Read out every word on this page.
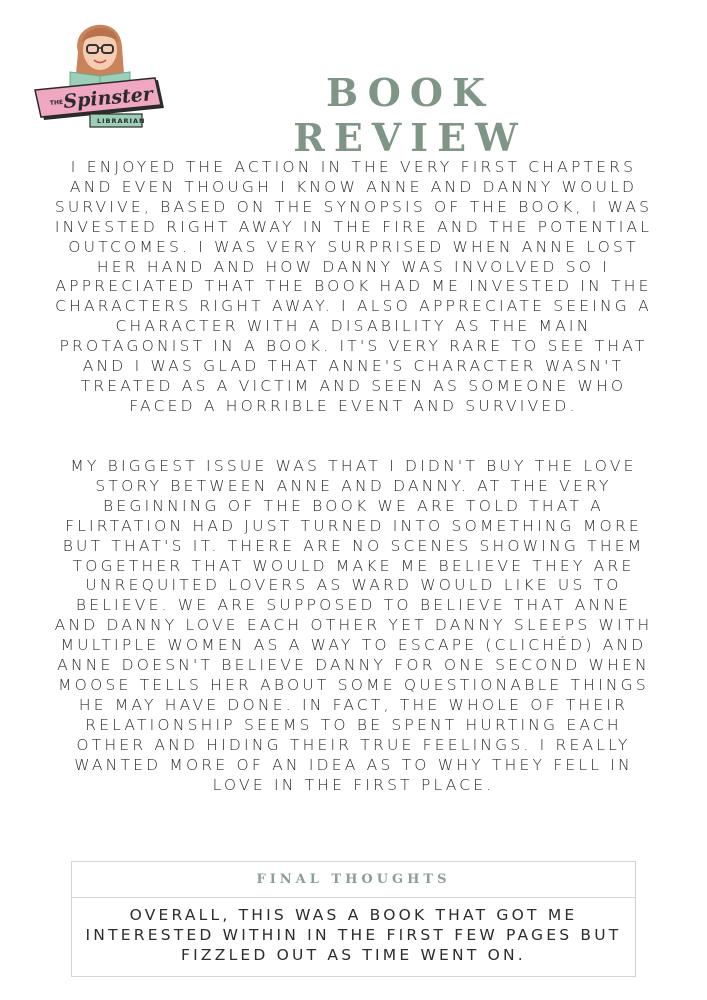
THE Spinster
LIBRARIAN
BOOK REVIEW

I ENJOYED THE ACTION IN THE VERY FIRST CHAPTERS AND EVEN THOUGH I KNOW ANNE AND DANNY WOULD SURVIVE, BASED ON THE SYNOPSIS OF THE BOOK, I WAS INVESTED RIGHT AWAY IN THE FIRE AND THE POTENTIAL OUTCOMES. I WAS VERY SURPRISED WHEN ANNE LOST HER HAND AND HOW DANNY WAS INVOLVED SO I APPRECIATED THAT THE BOOK HAD ME INVESTED IN THE CHARACTERS RIGHT AWAY. I ALSO APPRECIATE SEEING A CHARACTER WITH A DISABILITY AS THE MAIN PROTAGONIST IN A BOOK. IT'S VERY RARE TO SEE THAT AND I WAS GLAD THAT ANNE'S CHARACTER WASN'T TREATED AS A VICTIM AND SEEN AS SOMEONE WHO FACED A HORRIBLE EVENT AND SURVIVED.

MY BIGGEST ISSUE WAS THAT I DIDN'T BUY THE LOVE STORY BETWEEN ANNE AND DANNY. AT THE VERY BEGINNING OF THE BOOK WE ARE TOLD THAT A FLIRTATION HAD JUST TURNED INTO SOMETHING MORE BUT THAT'S IT. THERE ARE NO SCENES SHOWING THEM TOGETHER THAT WOULD MAKE ME BELIEVE THEY ARE UNREQUITED LOVERS AS WARD WOULD LIKE US TO BELIEVE. WE ARE SUPPOSED TO BELIEVE THAT ANNE AND DANNY LOVE EACH OTHER YET DANNY SLEEPS WITH MULTIPLE WOMEN AS A WAY TO ESCAPE (CLICHÉD) AND ANNE DOESN'T BELIEVE DANNY FOR ONE SECOND WHEN MOOSE TELLS HER ABOUT SOME QUESTIONABLE THINGS HE MAY HAVE DONE. IN FACT, THE WHOLE OF THEIR RELATIONSHIP SEEMS TO BE SPENT HURTING EACH OTHER AND HIDING THEIR TRUE FEELINGS. I REALLY WANTED MORE OF AN IDEA AS TO WHY THEY FELL IN LOVE IN THE FIRST PLACE.

FINAL THOUGHTS
OVERALL, THIS WAS A BOOK THAT GOT ME INTERESTED WITHIN IN THE FIRST FEW PAGES BUT FIZZLED OUT AS TIME WENT ON.
